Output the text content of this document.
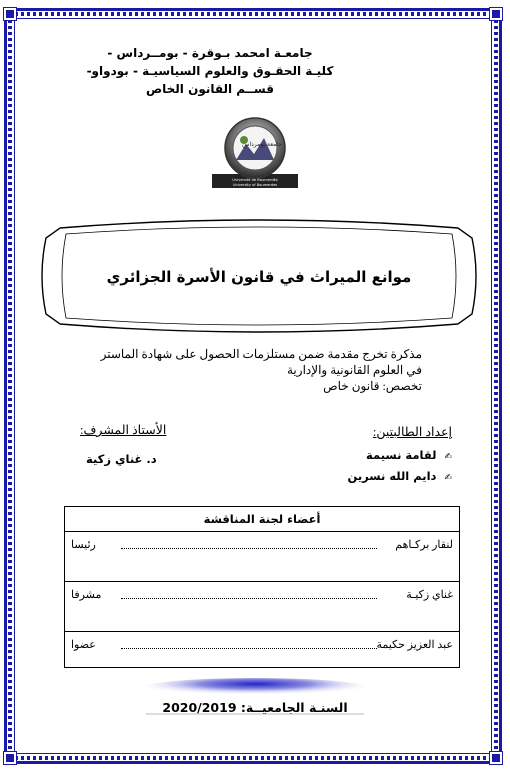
جامعـة امحمد بـوقرة - بومــرداس -
كليـة الحقـوق والعلوم السياسيـة - بودواو-
قســم القانون الخاص
جامعة بومرداس
Université de Boumerdès
University of Boumerdes
موانع الميراث في قانون الأسرة الجزائري
مذكرة تخرج مقدمة ضمن مستلزمات الحصول على شهادة الماستر
في العلوم القانونية والإدارية
تخصص: قانون خاص
إعداد الطالبتين:
✍ لقامة نسيمة
✍ دايم الله نسرين
الأستاذ المشرف:
د. غناي زكية
أعضاء لجنة المناقشة
لنقار بركـاهم
رئيسا
غناي زكيـة
مشرفا
عبد العزيز حكيمة
عضوا
السنـة الجامعيــة: 2020/2019
